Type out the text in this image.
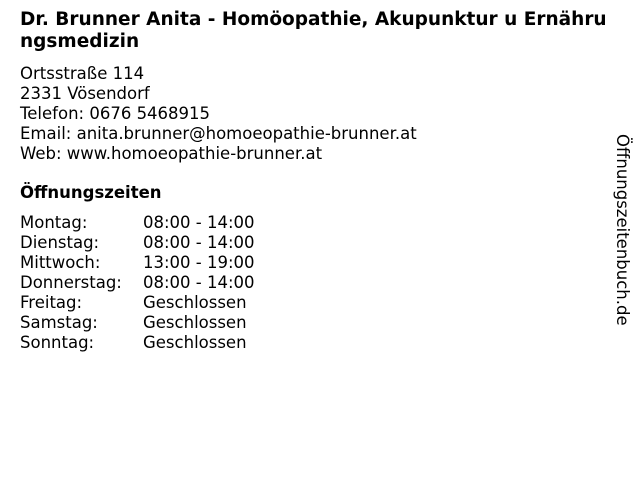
Dr. Brunner Anita - Homöopathie, Akupunktur u Ernährungsmedizin
Ortsstraße 114
2331 Vösendorf
Telefon: 0676 5468915
Email: anita.brunner@homoeopathie-brunner.at
Web: www.homoeopathie-brunner.at
Öffnungszeiten
Montag:	08:00 - 14:00
Dienstag:	08:00 - 14:00
Mittwoch:	13:00 - 19:00
Donnerstag:	08:00 - 14:00
Freitag:	Geschlossen
Samstag:	Geschlossen
Sonntag:	Geschlossen
Öffnungszeitenbuch.de
